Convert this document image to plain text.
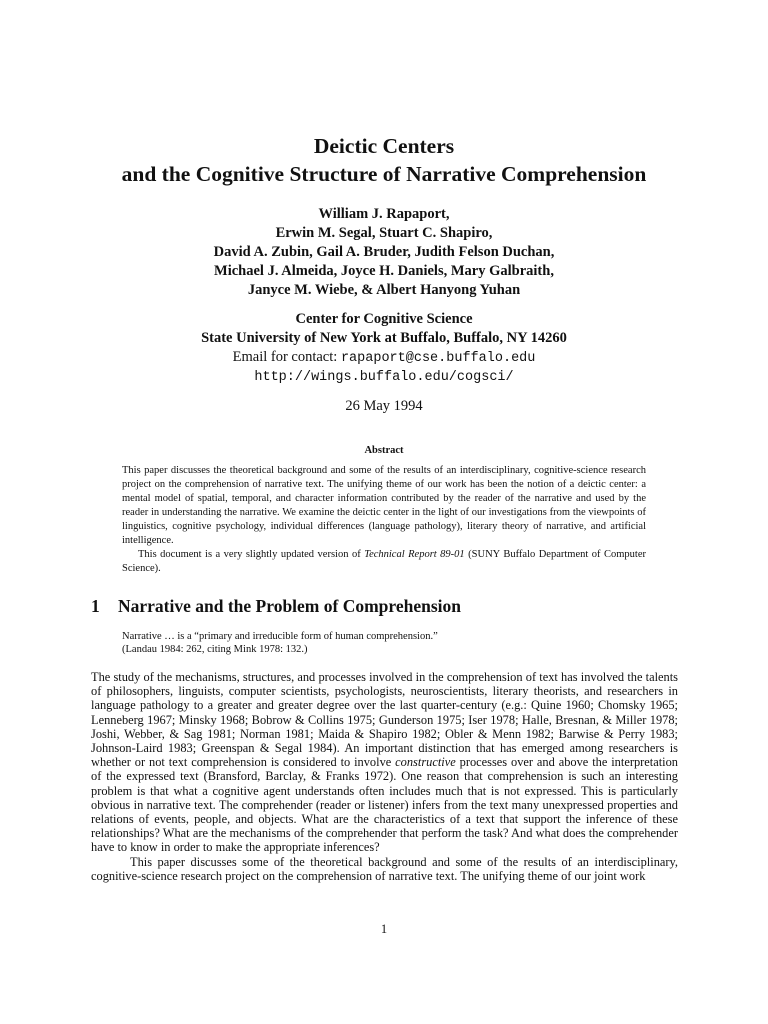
Deictic Centers
and the Cognitive Structure of Narrative Comprehension
William J. Rapaport,
Erwin M. Segal, Stuart C. Shapiro,
David A. Zubin, Gail A. Bruder, Judith Felson Duchan,
Michael J. Almeida, Joyce H. Daniels, Mary Galbraith,
Janyce M. Wiebe, & Albert Hanyong Yuhan
Center for Cognitive Science
State University of New York at Buffalo, Buffalo, NY 14260
Email for contact: rapaport@cse.buffalo.edu
http://wings.buffalo.edu/cogsci/
26 May 1994
Abstract

This paper discusses the theoretical background and some of the results of an interdisciplinary, cognitive-science research project on the comprehension of narrative text. The unifying theme of our work has been the notion of a deictic center: a mental model of spatial, temporal, and character information contributed by the reader of the narrative and used by the reader in understanding the narrative. We examine the deictic center in the light of our investigations from the viewpoints of linguistics, cognitive psychology, individual differences (language pathology), literary theory of narrative, and artificial intelligence.

This document is a very slightly updated version of Technical Report 89-01 (SUNY Buffalo Department of Computer Science).

1 Narrative and the Problem of Comprehension

Narrative … is a “primary and irreducible form of human comprehension.”

(Landau 1984: 262, citing Mink 1978: 132.)

The study of the mechanisms, structures, and processes involved in the comprehension of text has involved the talents of philosophers, linguists, computer scientists, psychologists, neuroscientists, literary theorists, and researchers in language pathology to a greater and greater degree over the last quarter-century (e.g.: Quine 1960; Chomsky 1965; Lenneberg 1967; Minsky 1968; Bobrow & Collins 1975; Gunderson 1975; Iser 1978; Halle, Bresnan, & Miller 1978; Joshi, Webber, & Sag 1981; Norman 1981; Maida & Shapiro 1982; Obler & Menn 1982; Barwise & Perry 1983; Johnson-Laird 1983; Greenspan & Segal 1984). An important distinction that has emerged among researchers is whether or not text comprehension is considered to involve constructive processes over and above the interpretation of the expressed text (Bransford, Barclay, & Franks 1972). One reason that comprehension is such an interesting problem is that what a cognitive agent understands often includes much that is not expressed. This is particularly obvious in narrative text. The comprehender (reader or listener) infers from the text many unexpressed properties and relations of events, people, and objects. What are the characteristics of a text that support the inference of these relationships? What are the mechanisms of the comprehender that perform the task? And what does the comprehender have to know in order to make the appropriate inferences?

This paper discusses some of the theoretical background and some of the results of an interdisciplinary, cognitive-science research project on the comprehension of narrative text. The unifying theme of our joint work

1
